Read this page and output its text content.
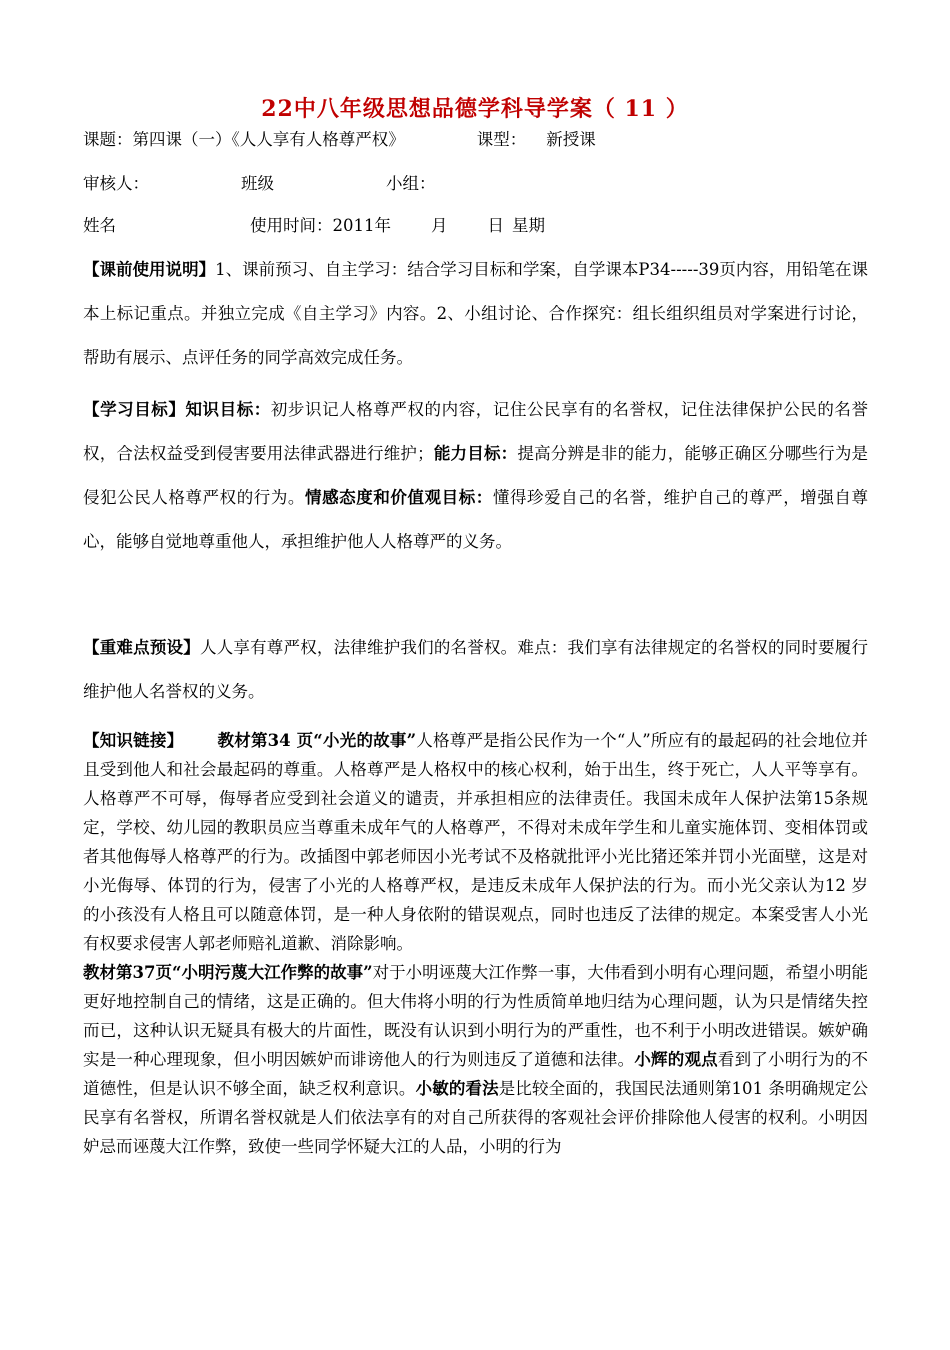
22中八年级思想品德学科导学案（ 11 ）
课题：第四课（一）《人人享有人格尊严权》	课型： 新授课
审核人：	班级	小组：
姓名	使用时间：2011年 月 日 星期
【课前使用说明】1、课前预习、自主学习：结合学习目标和学案，自学课本P34-----39页内容，用铅笔在课本上标记重点。并独立完成《自主学习》内容。2、小组讨论、合作探究：组长组织组员对学案进行讨论，帮助有展示、点评任务的同学高效完成任务。
【学习目标】知识目标：初步识记人格尊严权的内容，记住公民享有的名誉权，记住法律保护公民的名誉权，合法权益受到侵害要用法律武器进行维护；能力目标：提高分辨是非的能力，能够正确区分哪些行为是侵犯公民人格尊严权的行为。情感态度和价值观目标：懂得珍爱自己的名誉，维护自己的尊严，增强自尊心，能够自觉地尊重他人，承担维护他人人格尊严的义务。
【重难点预设】人人享有尊严权，法律维护我们的名誉权。难点：我们享有法律规定的名誉权的同时要履行维护他人名誉权的义务。
【知识链接】 教材第34 页“小光的故事”人格尊严是指公民作为一个“人”所应有的最起码的社会地位并且受到他人和社会最起码的尊重。人格尊严是人格权中的核心权利，始于出生，终于死亡，人人平等享有。人格尊严不可辱，侮辱者应受到社会道义的谴责，并承担相应的法律责任。我国未成年人保护法第15条规定，学校、幼儿园的教职员应当尊重未成年气的人格尊严，不得对未成年学生和儿童实施体罚、变相体罚或者其他侮辱人格尊严的行为。改插图中郭老师因小光考试不及格就批评小光比猪还笨并罚小光面壁，这是对小光侮辱、体罚的行为，侵害了小光的人格尊严权，是违反未成年人保护法的行为。而小光父亲认为12 岁的小孩没有人格且可以随意体罚，是一种人身依附的错误观点，同时也违反了法律的规定。本案受害人小光有权要求侵害人郭老师赔礼道歉、消除影响。
教材第37页“小明污蔑大江作弊的故事”对于小明诬蔑大江作弊一事，大伟看到小明有心理问题，希望小明能更好地控制自己的情绪，这是正确的。但大伟将小明的行为性质简单地归结为心理问题，认为只是情绪失控而已，这种认识无疑具有极大的片面性，既没有认识到小明行为的严重性，也不利于小明改进错误。嫉妒确实是一种心理现象，但小明因嫉妒而诽谤他人的行为则违反了道德和法律。小辉的观点看到了小明行为的不道德性，但是认识不够全面，缺乏权利意识。小敏的看法是比较全面的，我国民法通则第101 条明确规定公民享有名誉权，所谓名誉权就是人们依法享有的对自己所获得的客观社会评价排除他人侵害的权利。小明因妒忌而诬蔑大江作弊，致使一些同学怀疑大江的人品，小明的行为
